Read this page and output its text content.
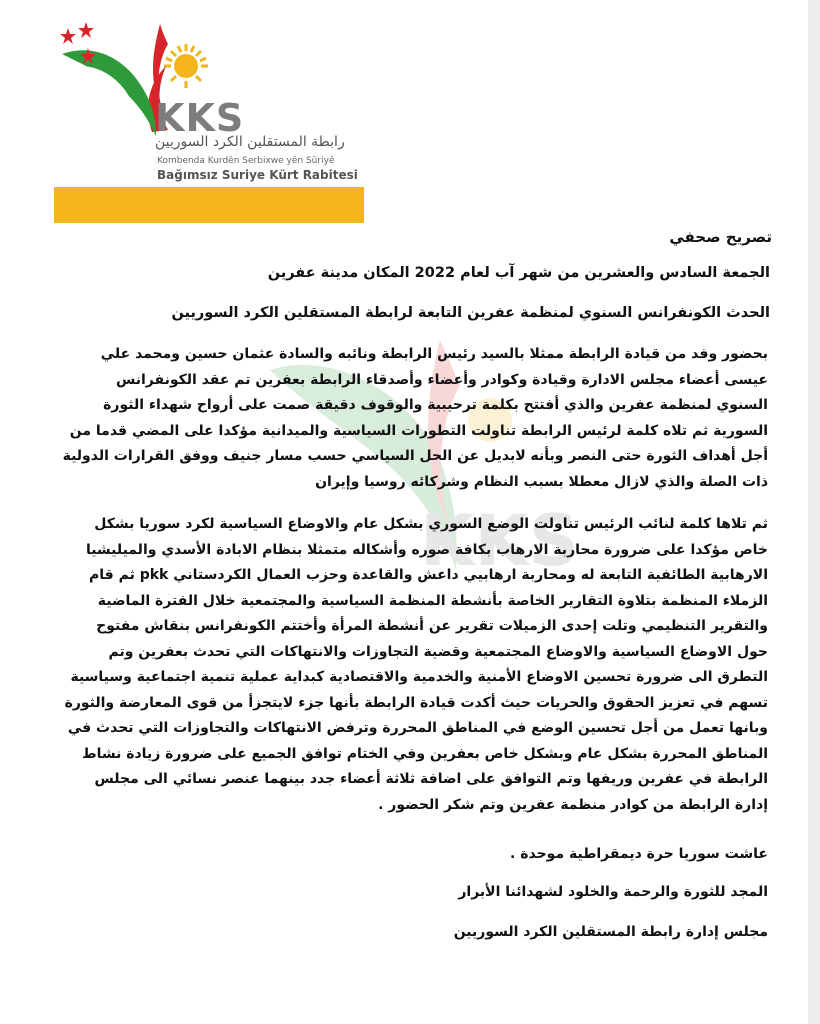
KKS
رابطة المستقلين الكرد السوريين
Kombenda Kurdên Serbixwe yên Sûriyê
Bağımsız Suriye Kürt Rabitesi
KKS
تصريح صحفي
الجمعة السادس والعشرين من شهر آب لعام 2022 المكان مدينة عفرين
الحدث الكونفرانس السنوي لمنظمة عفرين التابعة لرابطة المستقلين الكرد السوريين
بحضور وفد من قيادة الرابطة ممثلا بالسيد رئيس الرابطة ونائبه والسادة عثمان حسين ومحمد علي عيسى أعضاء مجلس الادارة وقيادة وكوادر وأعضاء وأصدقاء الرابطة بعفرين تم عقد الكونفرانس السنوي لمنظمة عفرين والذي أفتتح بكلمة ترحيبية والوقوف دقيقة صمت على أرواح شهداء الثورة السورية ثم تلاه كلمة لرئيس الرابطة تناولت التطورات السياسية والميدانية مؤكدا على المضي قدما من أجل أهداف الثورة حتى النصر وبأنه لابديل عن الحل السياسي حسب مسار جنيف ووفق القرارات الدولية ذات الصلة والذي لازال معطلا بسبب النظام وشركائه روسيا وإيران
ثم تلاها كلمة لنائب الرئيس تناولت الوضع السوري بشكل عام والاوضاع السياسية لكرد سوريا بشكل خاص مؤكدا على ضرورة محاربة الارهاب بكافة صوره وأشكاله متمثلا بنظام الابادة الأسدي والميليشيا الارهابية الطائفية التابعة له ومحاربة ارهابيي داعش والقاعدة وحزب العمال الكردستاني pkk ثم قام الزملاء المنظمة بتلاوة التقارير الخاصة بأنشطة المنظمة السياسية والمجتمعية خلال الفترة الماضية والتقرير التنظيمي وتلت إحدى الزميلات تقرير عن أنشطة المرأة وأختتم الكونفرانس بنقاش مفتوح حول الاوضاع السياسية والاوضاع المجتمعية وقضية التجاوزات والانتهاكات التي تحدث بعفرين وتم التطرق الى ضرورة تحسين الاوضاع الأمنية والخدمية والاقتصادية كبداية عملية تنمية اجتماعية وسياسية تسهم في تعزيز الحقوق والحريات حيث أكدت قيادة الرابطة بأنها جزء لايتجزأ من قوى المعارضة والثورة وبانها تعمل من أجل تحسين الوضع في المناطق المحررة وترفض الانتهاكات والتجاوزات التي تحدث في المناطق المحررة بشكل عام وبشكل خاص بعفرين وفي الختام توافق الجميع على ضرورة زيادة نشاط الرابطة في عفرين وريفها وتم التوافق على اضافة ثلاثة أعضاء جدد بينهما عنصر نسائي الى مجلس إدارة الرابطة من كوادر منظمة عفرين وتم شكر الحضور .
عاشت سوريا حرة ديمقراطية موحدة .
المجد للثورة والرحمة والخلود لشهدائنا الأبرار
مجلس إدارة رابطة المستقلين الكرد السوريين
